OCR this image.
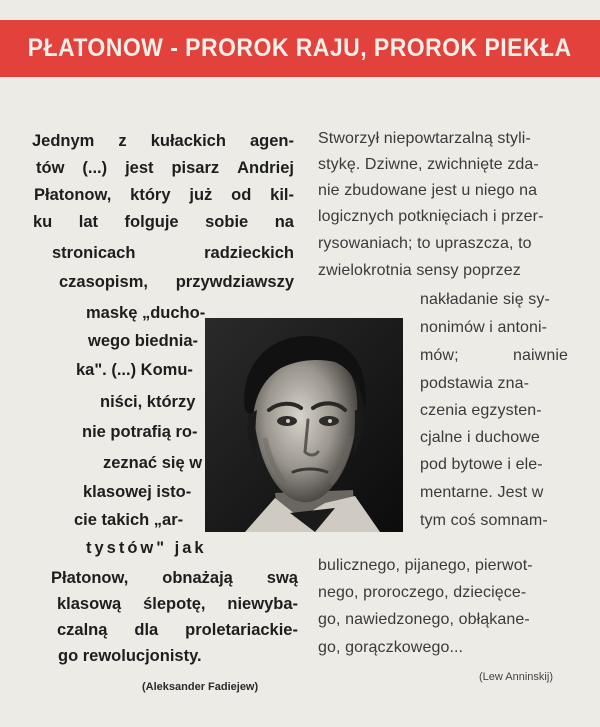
PŁATONOW - PROROK RAJU, PROROK PIEKŁA
Jednym z kułackich agen-
tów (...) jest pisarz Andriej
Płatonow, który już od kil-
ku lat folguje sobie na
stronicach	radzieckich
czasopism, przywdziawszy
maskę „ducho-
wego biednia-
ka". (...) Komu-
niści, którzy
nie potrafią ro-
zeznać się w
klasowej isto-
cie takich „ar-
tystów" jak
Płatonow, obnażają swą
klasową ślepotę, niewyba-
czalną dla proletariackie-
go rewolucjonisty.
(Aleksander Fadiejew)
Stworzył niepowtarzalną styli-
stykę. Dziwne, zwichnięte zda-
nie zbudowane jest u niego na
logicznych potknięciach i przer-
rysowaniach; to upraszcza, to
zwielokrotnia sensy poprzez
nakładanie się sy-
nonimów i antoni-
mów;	naiwnie
podstawia zna-
czenia egzysten-
cjalne i duchowe
pod bytowe i ele-
mentarne. Jest w
tym coś somnam-
bulicznego, pijanego, pierwot-
nego, proroczego, dziecięce-
go, nawiedzonego, obłąkane-
go, gorączkowego...
(Lew Anninskij)
